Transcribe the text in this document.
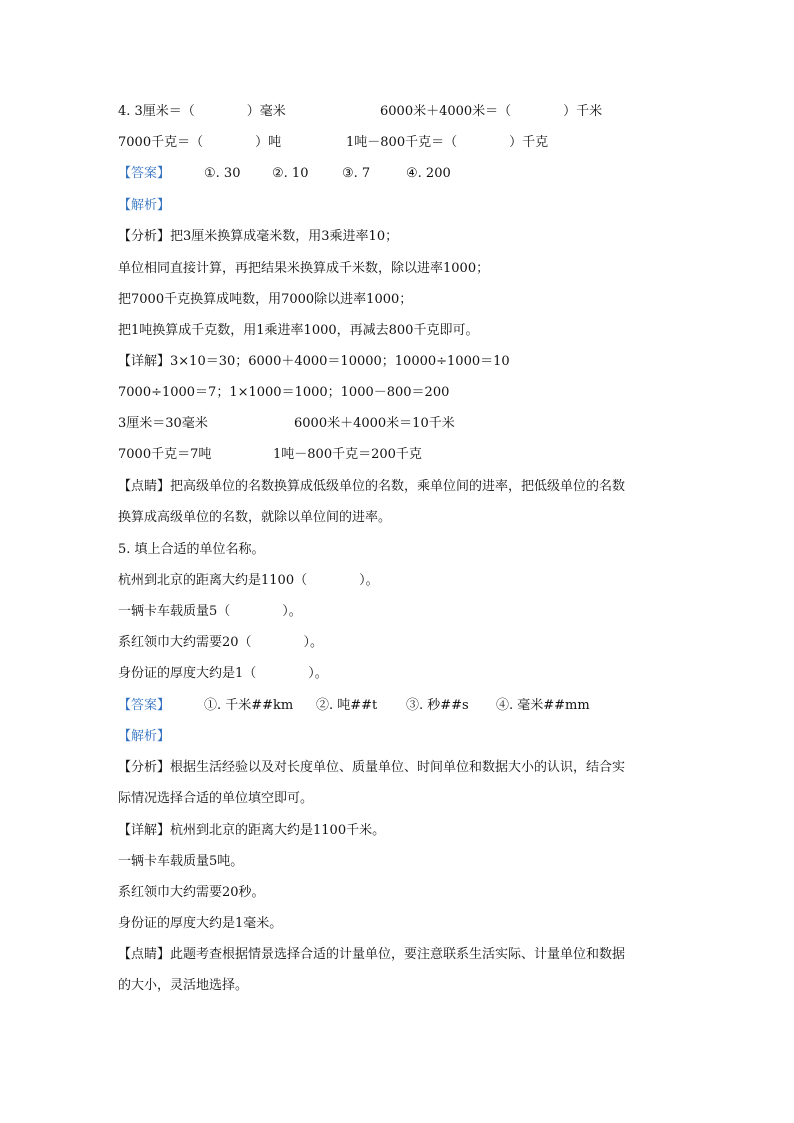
4. 3厘米＝（　　　　）毫米	6000米＋4000米＝（　　　　）千米
7000千克＝（　　　　）吨	1吨－800千克＝（　　　　）千克
【答案】	①. 30 ②. 10	③. 7	④. 200
【解析】
【分析】把3厘米换算成毫米数，用3乘进率10；
单位相同直接计算，再把结果米换算成千米数，除以进率1000；
把7000千克换算成吨数，用7000除以进率1000；
把1吨换算成千克数，用1乘进率1000，再减去800千克即可。
【详解】3×10＝30；6000＋4000＝10000；10000÷1000＝10
7000÷1000＝7；1×1000＝1000；1000－800＝200
3厘米＝30毫米	6000米＋4000米＝10千米
7000千克＝7吨	1吨－800千克＝200千克
【点睛】把高级单位的名数换算成低级单位的名数，乘单位间的进率，把低级单位的名数
换算成高级单位的名数，就除以单位间的进率。
5. 填上合适的单位名称。
杭州到北京的距离大约是1100（　　　　）。
一辆卡车载质量5（　　　　）。
系红领巾大约需要20（　　　　）。
身份证的厚度大约是1（　　　　）。
【答案】	①. 千米##km ②. 吨##t ③. 秒##s ④. 毫米##mm
【解析】
【分析】根据生活经验以及对长度单位、质量单位、时间单位和数据大小的认识，结合实
际情况选择合适的单位填空即可。
【详解】杭州到北京的距离大约是1100千米。
一辆卡车载质量5吨。
系红领巾大约需要20秒。
身份证的厚度大约是1毫米。
【点睛】此题考查根据情景选择合适的计量单位，要注意联系生活实际、计量单位和数据
的大小，灵活地选择。
